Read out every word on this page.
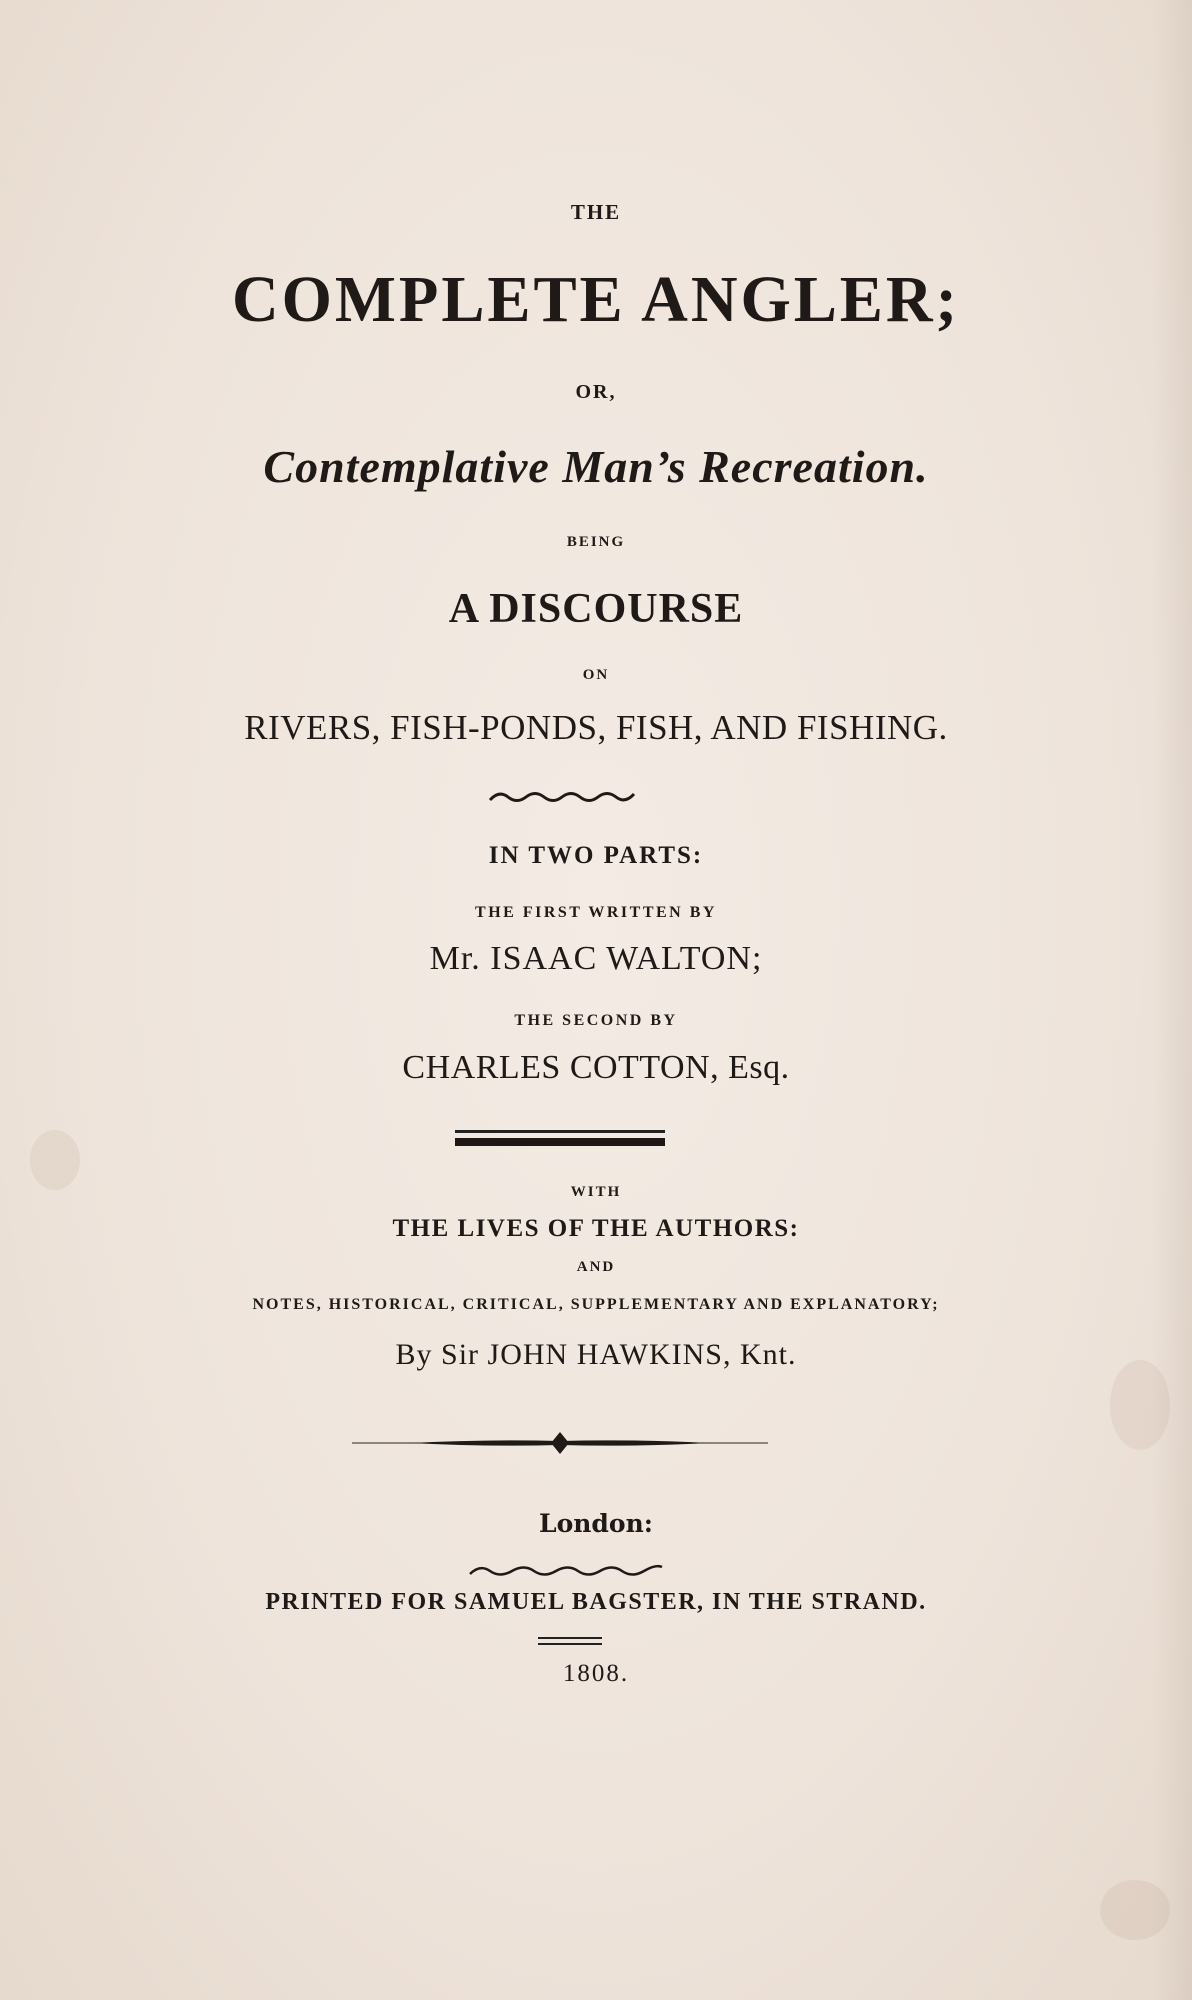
THE
COMPLETE ANGLER;
OR,
Contemplative Man’s Recreation.
BEING
A DISCOURSE
ON
RIVERS, FISH-PONDS, FISH, AND FISHING.
IN TWO PARTS:
THE FIRST WRITTEN BY
Mr. ISAAC WALTON;
THE SECOND BY
CHARLES COTTON, Esq.
WITH
THE LIVES OF THE AUTHORS:
AND
NOTES, HISTORICAL, CRITICAL, SUPPLEMENTARY AND EXPLANATORY;
By Sir JOHN HAWKINS, Knt.
London:
PRINTED FOR SAMUEL BAGSTER, IN THE STRAND.
1808.
